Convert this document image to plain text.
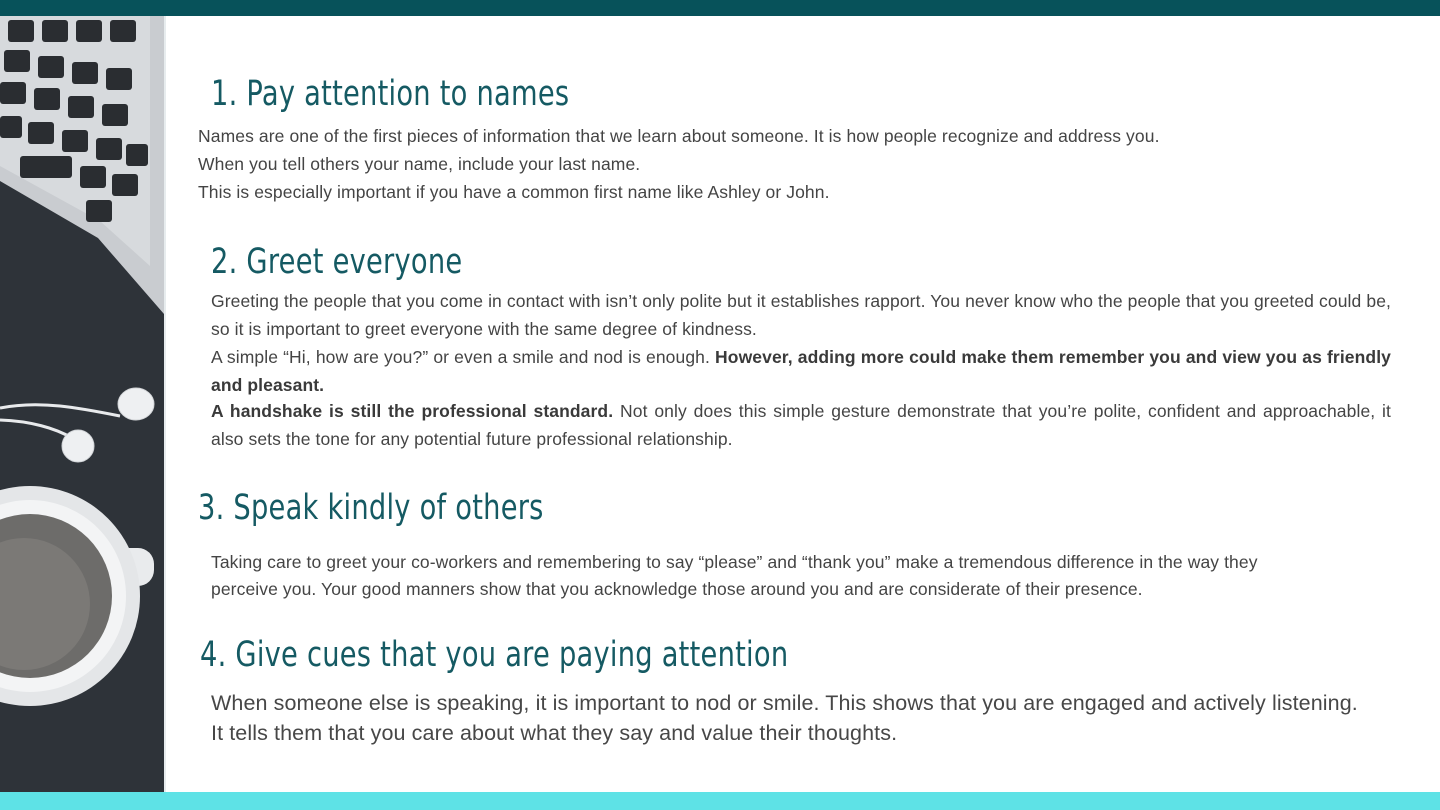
1. Pay attention to names

Names are one of the first pieces of information that we learn about someone. It is how people recognize and address you.

When you tell others your name, include your last name.

This is especially important if you have a common first name like Ashley or John.

2. Greet everyone

Greeting the people that you come in contact with isn’t only polite but it establishes rapport. You never know who the people that you greeted could be, so it is important to greet everyone with the same degree of kindness.

A simple “Hi, how are you?” or even a smile and nod is enough. However, adding more could make them remember you and view you as friendly and pleasant.

A handshake is still the professional standard. Not only does this simple gesture demonstrate that you’re polite, confident and approachable, it also sets the tone for any potential future professional relationship.

3. Speak kindly of others

Taking care to greet your co-workers and remembering to say “please” and “thank you” make a tremendous difference in the way they

perceive you. Your good manners show that you acknowledge those around you and are considerate of their presence.

4. Give cues that you are paying attention

When someone else is speaking, it is important to nod or smile. This shows that you are engaged and actively listening.

It tells them that you care about what they say and value their thoughts.
